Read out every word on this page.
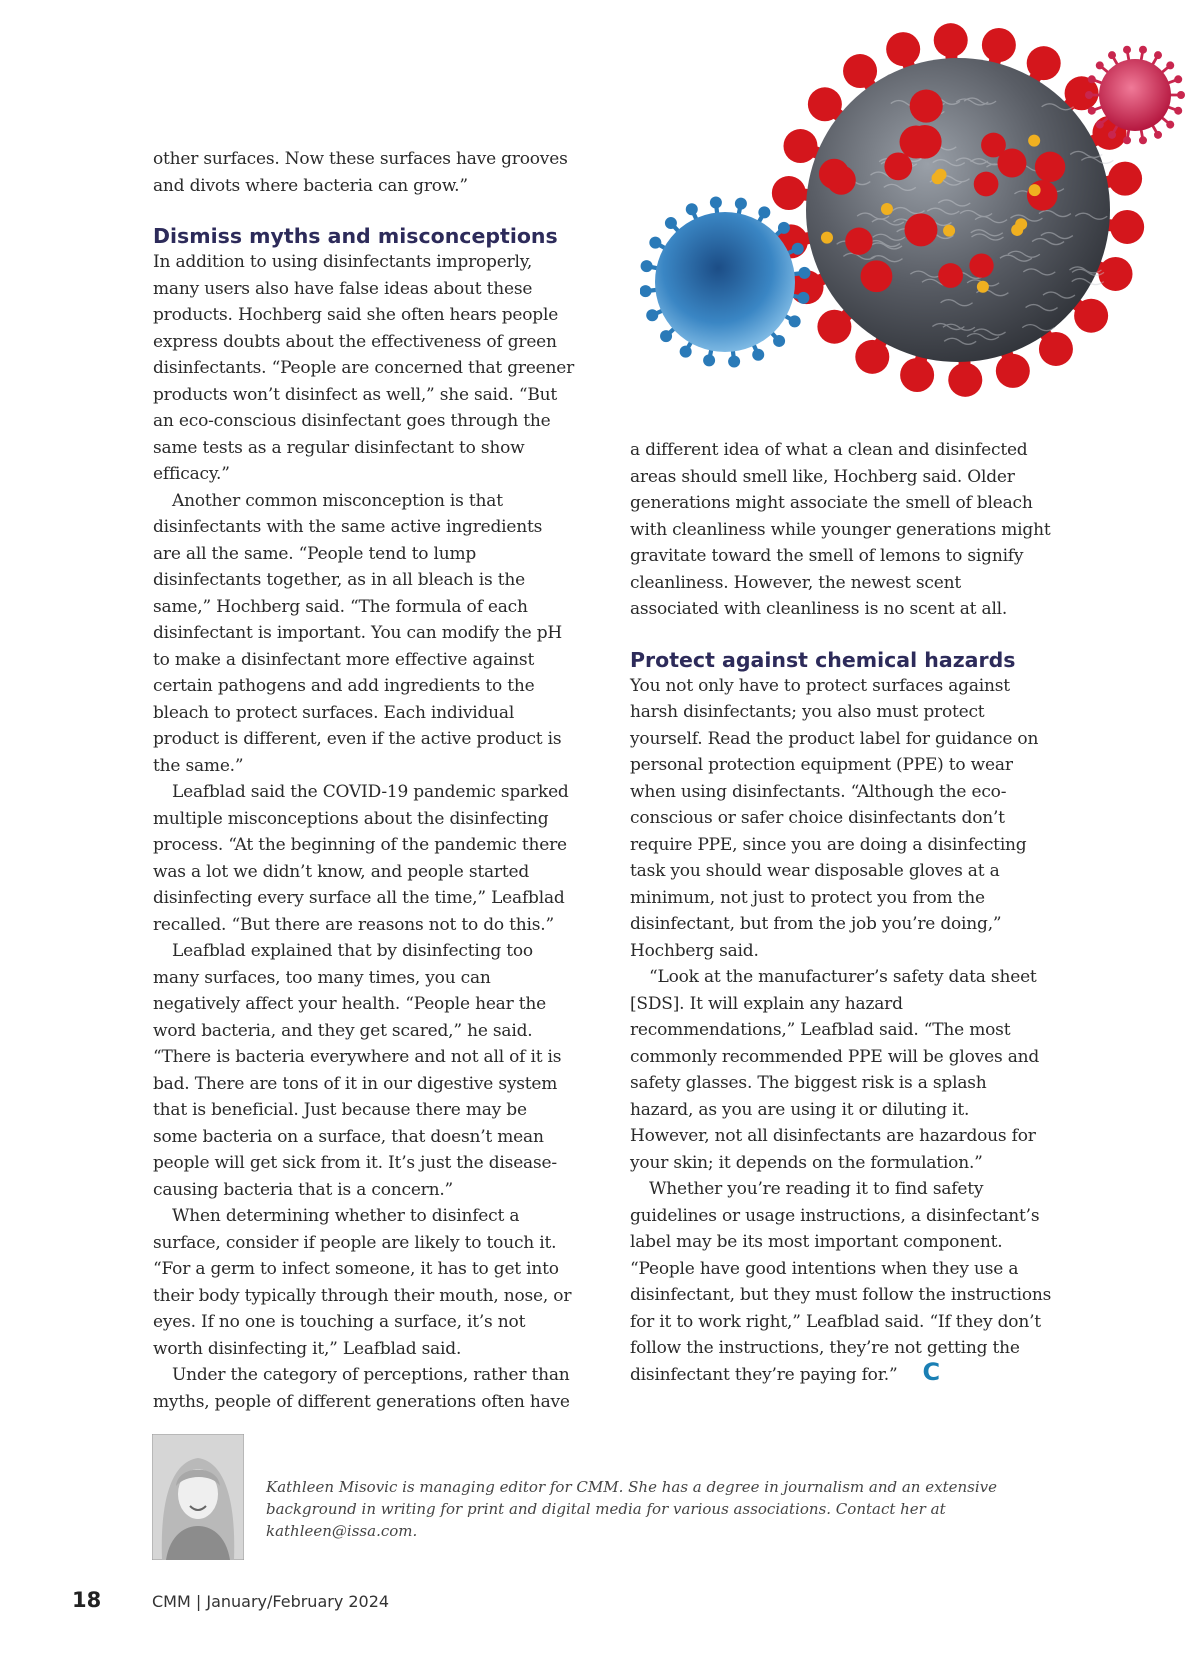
other surfaces. Now these surfaces have grooves and divots where bacteria can grow.”

Dismiss myths and misconceptions

In addition to using disinfectants improperly, many users also have false ideas about these products. Hochberg said she often hears people express doubts about the effectiveness of green disinfectants. “People are concerned that greener products won’t disinfect as well,” she said. “But an eco-conscious disinfectant goes through the same tests as a regular disinfectant to show efficacy.”

Another common misconception is that disinfectants with the same active ingredients are all the same. “People tend to lump disinfectants together, as in all bleach is the same,” Hochberg said. “The formula of each disinfectant is important. You can modify the pH to make a disinfectant more effective against certain pathogens and add ingredients to the bleach to protect surfaces. Each individual product is different, even if the active product is the same.”

Leafblad said the COVID-19 pandemic sparked multiple misconceptions about the disinfecting process. “At the beginning of the pandemic there was a lot we didn’t know, and people started disinfecting every surface all the time,” Leafblad recalled. “But there are reasons not to do this.”

Leafblad explained that by disinfecting too many surfaces, too many times, you can negatively affect your health. “People hear the word bacteria, and they get scared,” he said. “There is bacteria everywhere and not all of it is bad. There are tons of it in our digestive system that is beneficial. Just because there may be some bacteria on a surface, that doesn’t mean people will get sick from it. It’s just the disease-causing bacteria that is a concern.”

When determining whether to disinfect a surface, consider if people are likely to touch it. “For a germ to infect someone, it has to get into their body typically through their mouth, nose, or eyes. If no one is touching a surface, it’s not worth disinfecting it,” Leafblad said.

Under the category of perceptions, rather than myths, people of different generations often have

a different idea of what a clean and disinfected areas should smell like, Hochberg said. Older generations might associate the smell of bleach with cleanliness while younger generations might gravitate toward the smell of lemons to signify cleanliness. However, the newest scent associated with cleanliness is no scent at all.

Protect against chemical hazards

You not only have to protect surfaces against harsh disinfectants; you also must protect yourself. Read the product label for guidance on personal protection equipment (PPE) to wear when using disinfectants. “Although the eco-conscious or safer choice disinfectants don’t require PPE, since you are doing a disinfecting task you should wear disposable gloves at a minimum, not just to protect you from the disinfectant, but from the job you’re doing,” Hochberg said.

“Look at the manufacturer’s safety data sheet [SDS]. It will explain any hazard recommendations,” Leafblad said. “The most commonly recommended PPE will be gloves and safety glasses. The biggest risk is a splash hazard, as you are using it or diluting it. However, not all disinfectants are hazardous for your skin; it depends on the formulation.”

Whether you’re reading it to find safety guidelines or usage instructions, a disinfectant’s label may be its most important component. “People have good intentions when they use a disinfectant, but they must follow the instructions for it to work right,” Leafblad said. “If they don’t follow the instructions, they’re not getting the disinfectant they’re paying for.” C

Kathleen Misovic is managing editor for CMM. She has a degree in journalism and an extensive background in writing for print and digital media for various associations. Contact her at kathleen@issa.com.
18	CMM | January/February 2024
